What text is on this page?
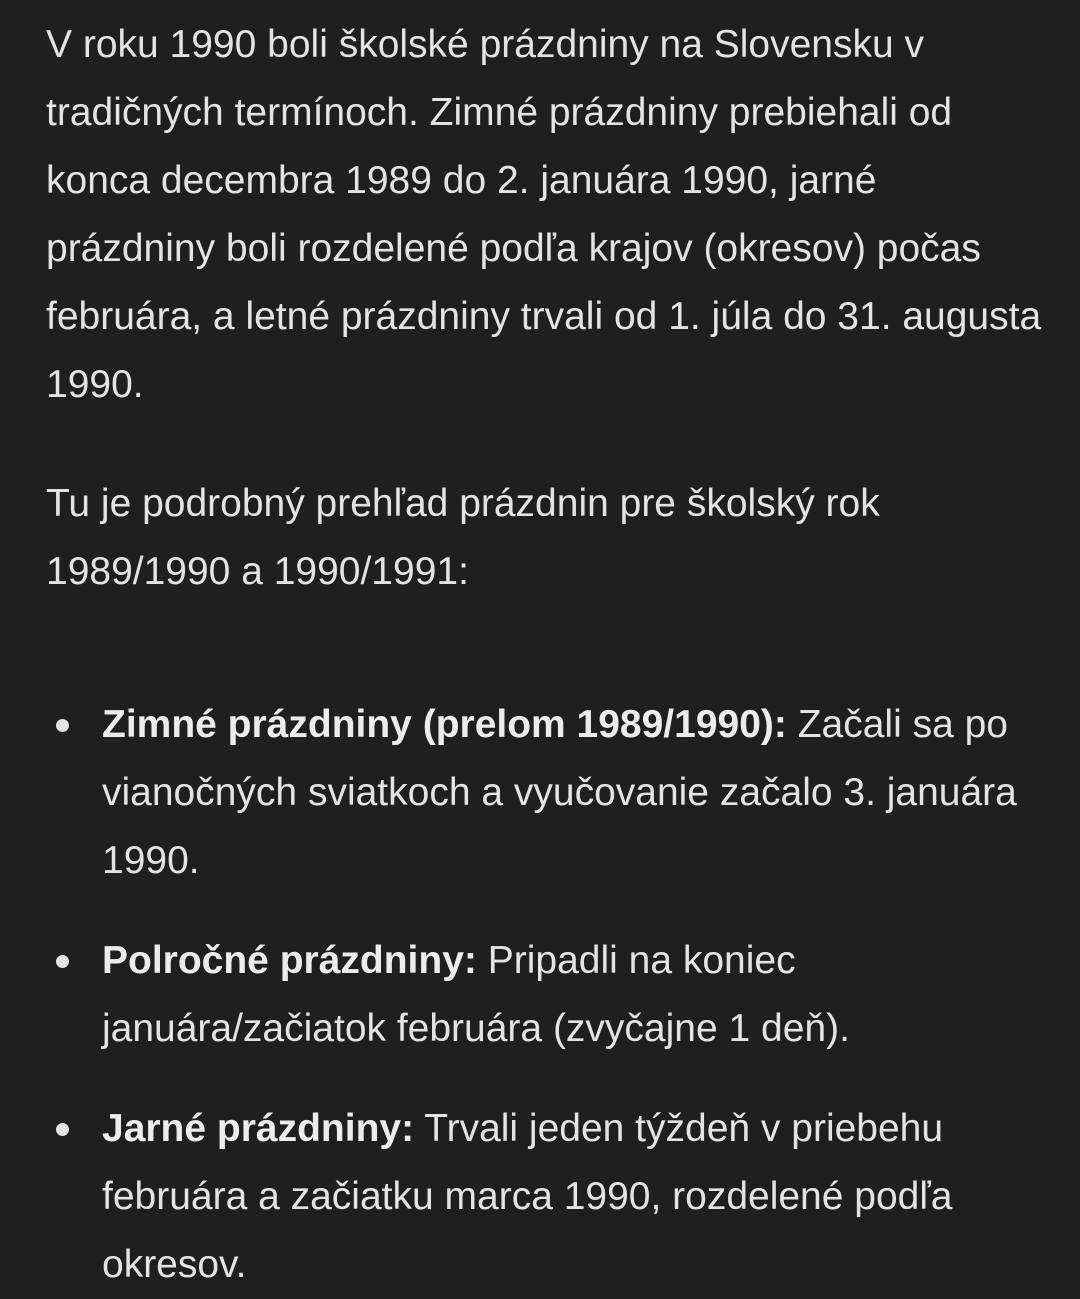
V roku 1990 boli školské prázdniny na Slovensku v tradičných termínoch. Zimné prázdniny prebiehali od konca decembra 1989 do 2. januára 1990, jarné prázdniny boli rozdelené podľa krajov (okresov) počas februára, a letné prázdniny trvali od 1. júla do 31. augusta 1990.

Tu je podrobný prehľad prázdnin pre školský rok 1989/1990 a 1990/1991:

Zimné prázdniny (prelom 1989/1990): Začali sa po vianočných sviatkoch a vyučovanie začalo 3. januára 1990.
Polročné prázdniny: Pripadli na koniec januára/začiatok februára (zvyčajne 1 deň).
Jarné prázdniny: Trvali jeden týždeň v priebehu februára a začiatku marca 1990, rozdelené podľa okresov.
